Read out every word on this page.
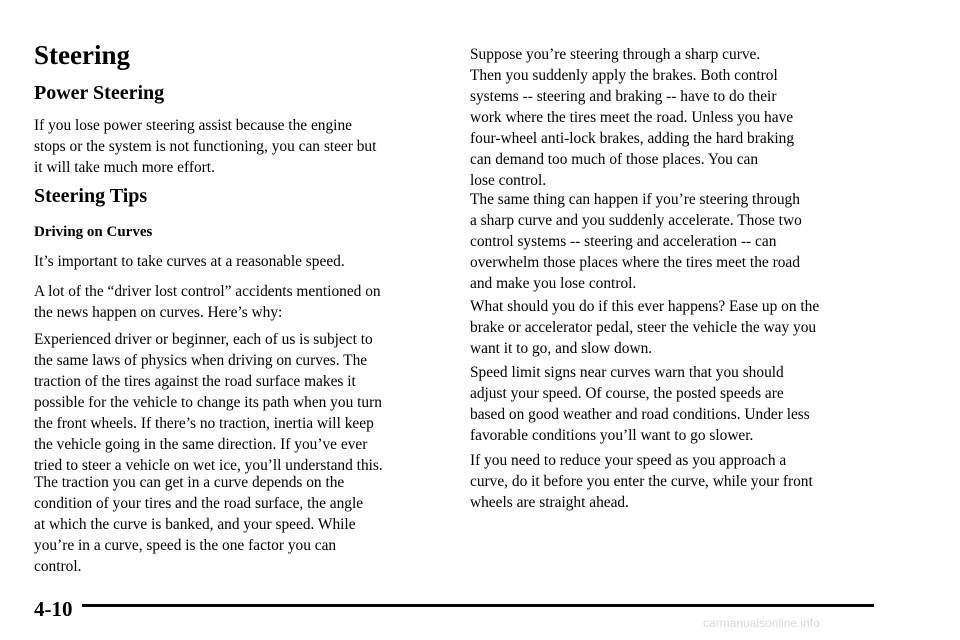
Steering
Power Steering

If you lose power steering assist because the engine
stops or the system is not functioning, you can steer but
it will take much more effort.

Steering Tips
Driving on Curves

It’s important to take curves at a reasonable speed.

A lot of the “driver lost control” accidents mentioned on
the news happen on curves. Here’s why:

Experienced driver or beginner, each of us is subject to
the same laws of physics when driving on curves. The
traction of the tires against the road surface makes it
possible for the vehicle to change its path when you turn
the front wheels. If there’s no traction, inertia will keep
the vehicle going in the same direction. If you’ve ever
tried to steer a vehicle on wet ice, you’ll understand this.

The traction you can get in a curve depends on the
condition of your tires and the road surface, the angle
at which the curve is banked, and your speed. While
you’re in a curve, speed is the one factor you can
control.

Suppose you’re steering through a sharp curve.
Then you suddenly apply the brakes. Both control
systems -- steering and braking -- have to do their
work where the tires meet the road. Unless you have
four-wheel anti-lock brakes, adding the hard braking
can demand too much of those places. You can
lose control.

The same thing can happen if you’re steering through
a sharp curve and you suddenly accelerate. Those two
control systems -- steering and acceleration -- can
overwhelm those places where the tires meet the road
and make you lose control.

What should you do if this ever happens? Ease up on the
brake or accelerator pedal, steer the vehicle the way you
want it to go, and slow down.

Speed limit signs near curves warn that you should
adjust your speed. Of course, the posted speeds are
based on good weather and road conditions. Under less
favorable conditions you’ll want to go slower.

If you need to reduce your speed as you approach a
curve, do it before you enter the curve, while your front
wheels are straight ahead.

4-10
carmanualsonline.info
